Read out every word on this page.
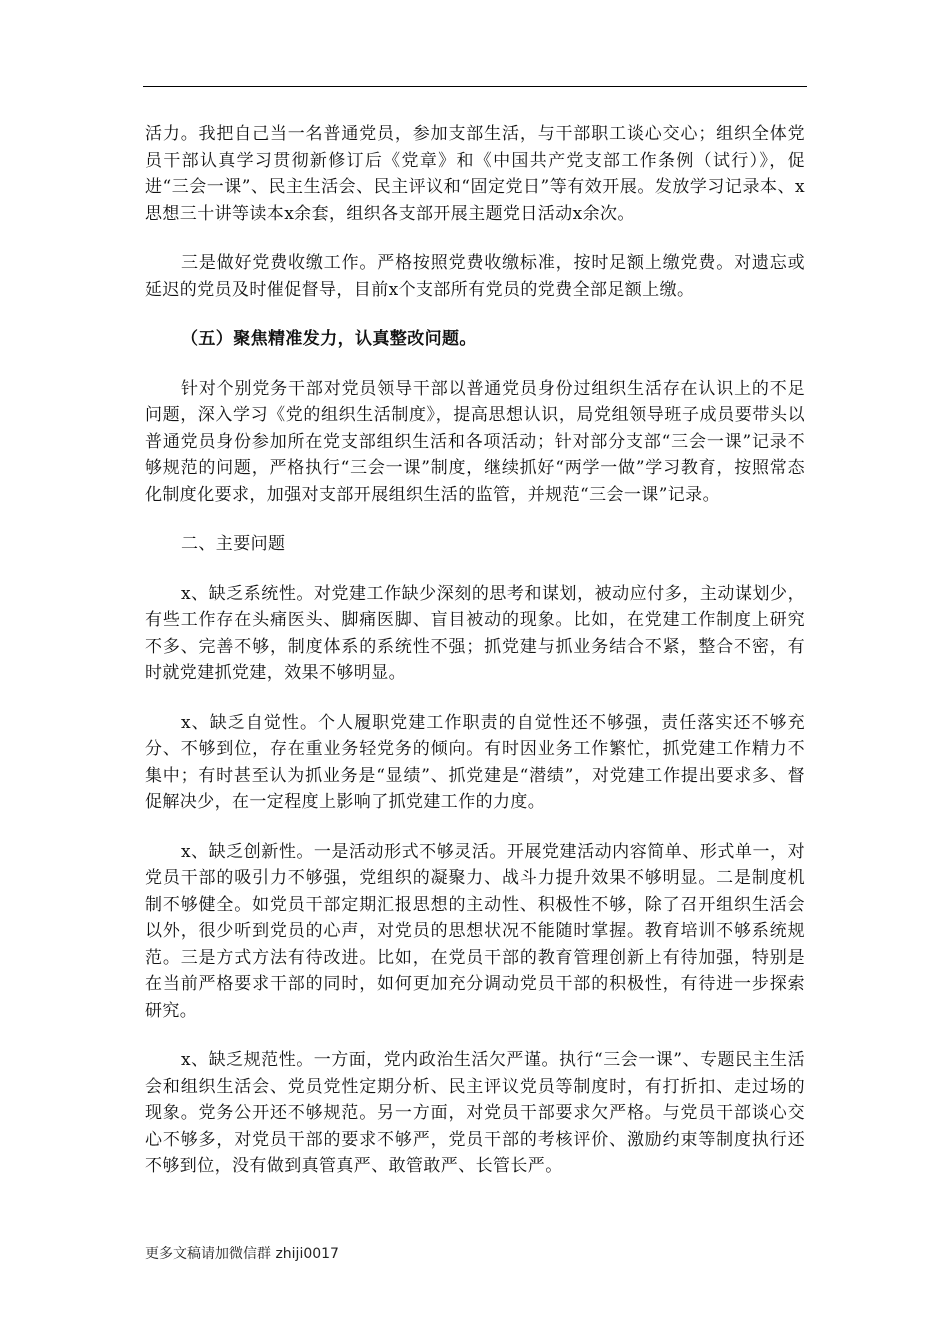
活力。我把自己当一名普通党员，参加支部生活，与干部职工谈心交心；组织全体党员干部认真学习贯彻新修订后《党章》和《中国共产党支部工作条例（试行）》，促进“三会一课”、民主生活会、民主评议和“固定党日”等有效开展。发放学习记录本、x思想三十讲等读本x余套，组织各支部开展主题党日活动x余次。

三是做好党费收缴工作。严格按照党费收缴标准，按时足额上缴党费。对遗忘或延迟的党员及时催促督导，目前x个支部所有党员的党费全部足额上缴。

（五）聚焦精准发力，认真整改问题。

针对个别党务干部对党员领导干部以普通党员身份过组织生活存在认识上的不足问题，深入学习《党的组织生活制度》，提高思想认识，局党组领导班子成员要带头以普通党员身份参加所在党支部组织生活和各项活动；针对部分支部“三会一课”记录不够规范的问题，严格执行“三会一课”制度，继续抓好“两学一做”学习教育，按照常态化制度化要求，加强对支部开展组织生活的监管，并规范“三会一课”记录。

二、主要问题

x、缺乏系统性。对党建工作缺少深刻的思考和谋划，被动应付多，主动谋划少，有些工作存在头痛医头、脚痛医脚、盲目被动的现象。比如，在党建工作制度上研究不多、完善不够，制度体系的系统性不强；抓党建与抓业务结合不紧，整合不密，有时就党建抓党建，效果不够明显。

x、缺乏自觉性。个人履职党建工作职责的自觉性还不够强，责任落实还不够充分、不够到位，存在重业务轻党务的倾向。有时因业务工作繁忙，抓党建工作精力不集中；有时甚至认为抓业务是“显绩”、抓党建是“潜绩”，对党建工作提出要求多、督促解决少，在一定程度上影响了抓党建工作的力度。

x、缺乏创新性。一是活动形式不够灵活。开展党建活动内容简单、形式单一，对党员干部的吸引力不够强，党组织的凝聚力、战斗力提升效果不够明显。二是制度机制不够健全。如党员干部定期汇报思想的主动性、积极性不够，除了召开组织生活会以外，很少听到党员的心声，对党员的思想状况不能随时掌握。教育培训不够系统规范。三是方式方法有待改进。比如，在党员干部的教育管理创新上有待加强，特别是在当前严格要求干部的同时，如何更加充分调动党员干部的积极性，有待进一步探索研究。

x、缺乏规范性。一方面，党内政治生活欠严谨。执行“三会一课”、专题民主生活会和组织生活会、党员党性定期分析、民主评议党员等制度时，有打折扣、走过场的现象。党务公开还不够规范。另一方面，对党员干部要求欠严格。与党员干部谈心交心不够多，对党员干部的要求不够严，党员干部的考核评价、激励约束等制度执行还不够到位，没有做到真管真严、敢管敢严、长管长严。

更多文稿请加微信群 zhiji0017
